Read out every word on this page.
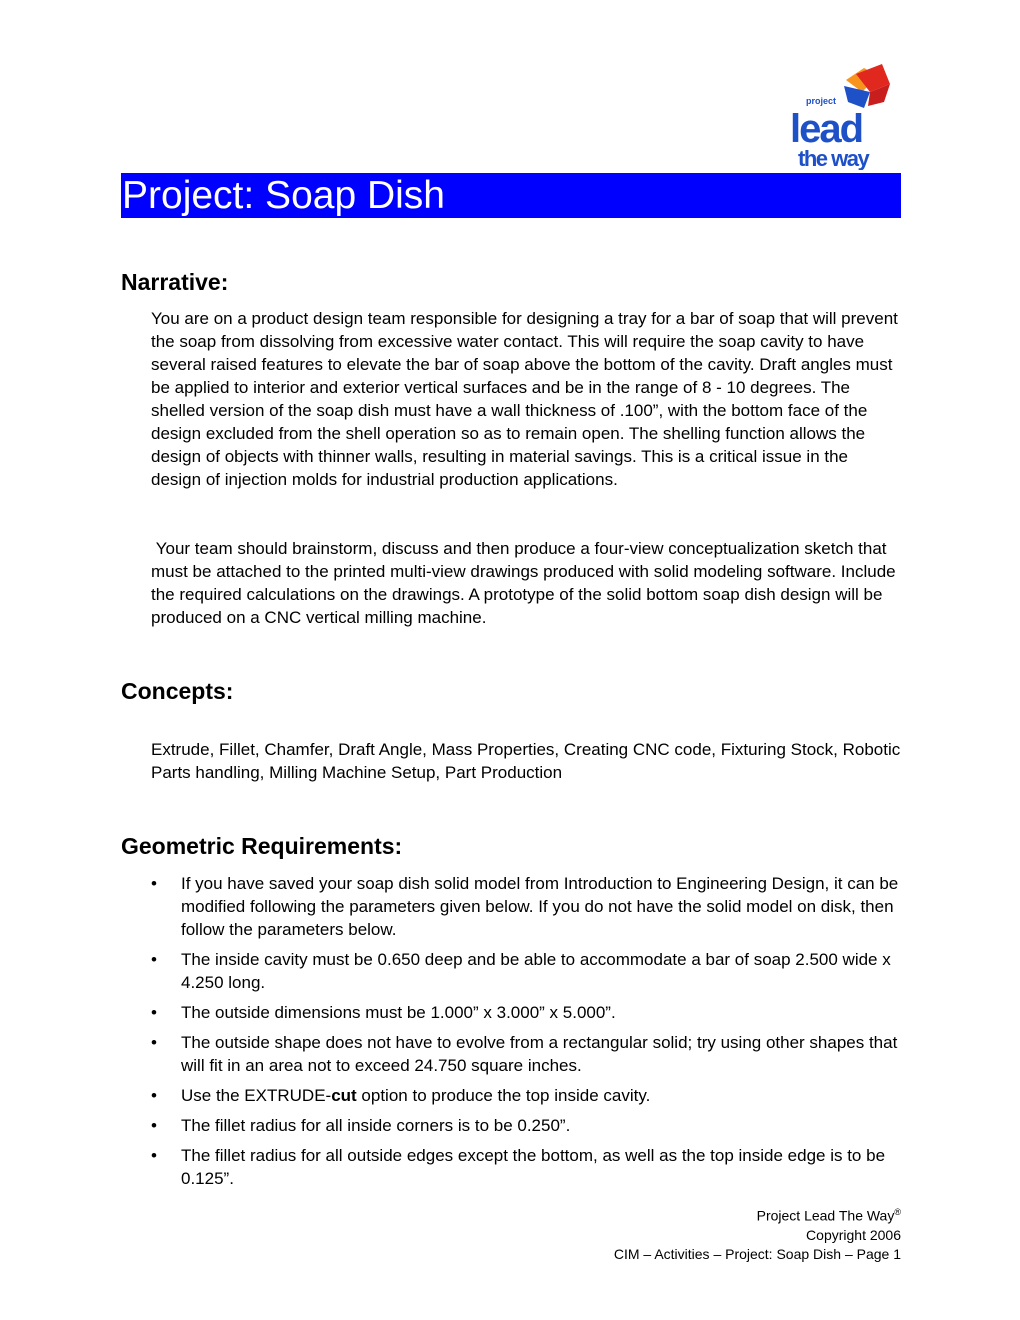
project
lead
the way
Project: Soap Dish
Narrative:

You are on a product design team responsible for designing a tray for a bar of soap that will prevent the soap from dissolving from excessive water contact. This will require the soap cavity to have several raised features to elevate the bar of soap above the bottom of the cavity. Draft angles must be applied to interior and exterior vertical surfaces and be in the range of 8 - 10 degrees. The shelled version of the soap dish must have a wall thickness of .100”, with the bottom face of the design excluded from the shell operation so as to remain open. The shelling function allows the design of objects with thinner walls, resulting in material savings. This is a critical issue in the design of injection molds for industrial production applications.

Your team should brainstorm, discuss and then produce a four-view conceptualization sketch that must be attached to the printed multi-view drawings produced with solid modeling software. Include the required calculations on the drawings. A prototype of the solid bottom soap dish design will be produced on a CNC vertical milling machine.

Concepts:

Extrude, Fillet, Chamfer, Draft Angle, Mass Properties, Creating CNC code, Fixturing Stock, Robotic Parts handling, Milling Machine Setup, Part Production

Geometric Requirements:
• If you have saved your soap dish solid model from Introduction to Engineering Design, it can be modified following the parameters given below. If you do not have the solid model on disk, then follow the parameters below.
• The inside cavity must be 0.650 deep and be able to accommodate a bar of soap 2.500 wide x 4.250 long.
• The outside dimensions must be 1.000” x 3.000” x 5.000”.
• The outside shape does not have to evolve from a rectangular solid; try using other shapes that will fit in an area not to exceed 24.750 square inches.
• Use the EXTRUDE-cut option to produce the top inside cavity.
• The fillet radius for all inside corners is to be 0.250”.
• The fillet radius for all outside edges except the bottom, as well as the top inside edge is to be 0.125”.
Project Lead The Way®
Copyright 2006
CIM – Activities – Project: Soap Dish – Page 1
